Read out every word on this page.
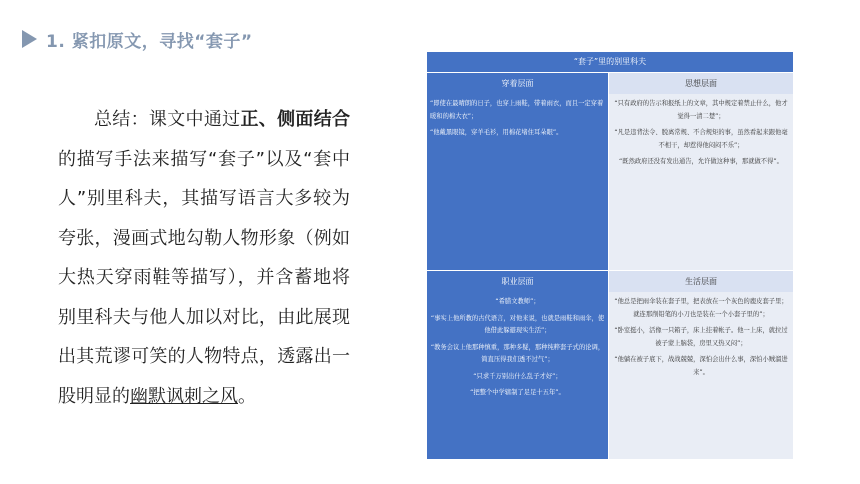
1. 紧扣原文，寻找“套子”

总结：课文中通过正、侧面结合的描写手法来描写“套子”以及“套中人”别里科夫，其描写语言大多较为夸张，漫画式地勾勒人物形象（例如大热天穿雨鞋等描写），并含蓄地将别里科夫与他人加以对比，由此展现出其荒谬可笑的人物特点，透露出一股明显的幽默讽刺之风。

“套子”里的别里科夫
穿着层面	思想层面
“即使在最晴朗的日子，也穿上雨鞋，带着雨衣，而且一定穿着暖和的棉大衣”；
“他戴黑眼镜，穿羊毛衫，用棉花堵住耳朵眼”。
“只有政府的告示和报纸上的文章，其中规定着禁止什么，他才觉得一清二楚”；
“凡是违背法令、脱离常规、不合规矩的事，虽然看起来跟他毫不相干，却惹得他闷闷不乐”；
“既然政府还没有发出通告，允许做这种事，那就做不得”。
职业层面	生活层面
“希腊文教师”；
“事实上他所教的古代语言，对他来说，也就是雨鞋和雨伞，使他借此躲避现实生活”；
“教务会议上他那种慎重，那种多疑，那种纯粹套子式的论调，简直压得我们透不过气”；
“只求千万别出什么乱子才好”；
“把整个中学辖制了足足十五年”。
“他总是把雨伞装在套子里，把表放在一个灰色的鹿皮套子里；就连那削铅笔的小刀也是装在一个小套子里的”；
“卧室挺小，活像一只箱子，床上挂着帐子。他一上床，就拉过被子蒙上脑袋，房里又热又闷”；
“他躺在被子底下，战战兢兢，深怕会出什么事，深怕小贼溜进来”。
